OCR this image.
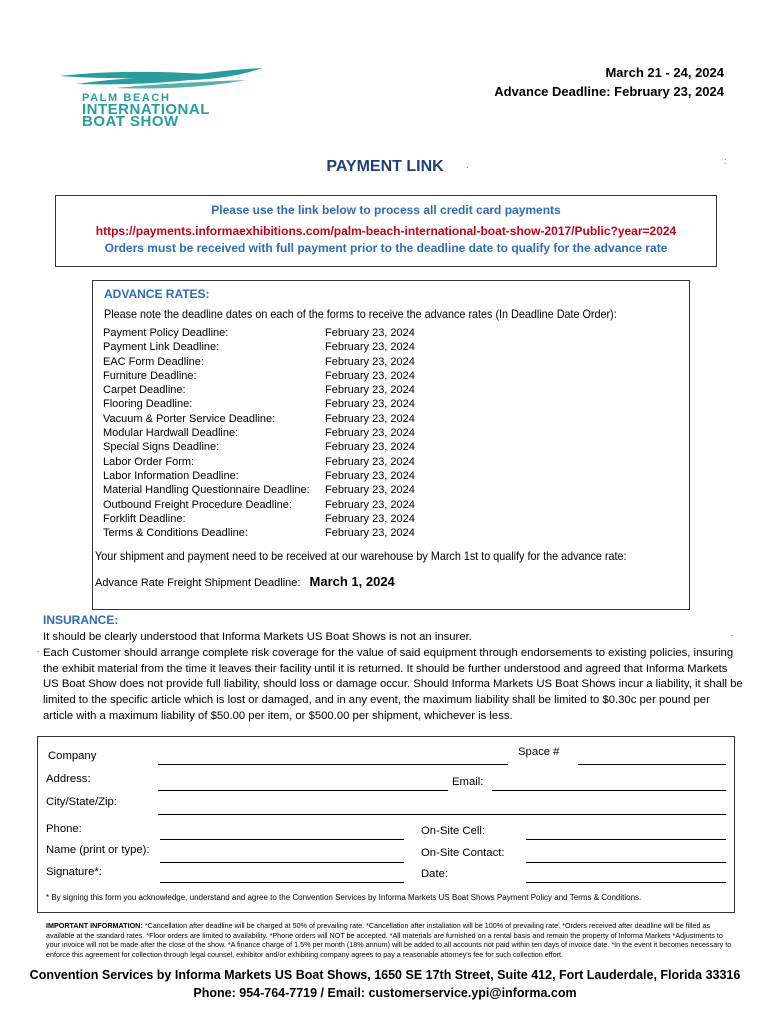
March 21 - 24, 2024
Advance Deadline: February 23, 2024
PALM BEACH
INTERNATIONAL
BOAT SHOW
PAYMENT LINK	.	:
Please use the link below to process all credit card payments
https://payments.informaexhibitions.com/palm-beach-international-boat-show-2017/Public?year=2024
Orders must be received with full payment prior to the deadline date to qualify for the advance rate
ADVANCE RATES:
Please note the deadline dates on each of the forms to receive the advance rates (In Deadline Date Order):
Payment Policy Deadline:	February 23, 2024
Payment Link Deadline:	February 23, 2024
EAC Form Deadline:	February 23, 2024
Furniture Deadline:	February 23, 2024
Carpet Deadline:	February 23, 2024
Flooring Deadline:	February 23, 2024
Vacuum & Porter Service Deadline:	February 23, 2024
Modular Hardwall Deadline:	February 23, 2024
Special Signs Deadline:	February 23, 2024
Labor Order Form:	February 23, 2024
Labor Information Deadline:	February 23, 2024
Material Handling Questionnaire Deadline:	February 23, 2024
Outbound Freight Procedure Deadline:	February 23, 2024
Forklift Deadline:	February 23, 2024
Terms & Conditions Deadline:	February 23, 2024
Your shipment and payment need to be received at our warehouse by March 1st to qualify for the advance rate:
Advance Rate Freight Shipment Deadline: March 1, 2024
INSURANCE:
It should be clearly understood that Informa Markets US Boat Shows is not an insurer.
Each Customer should arrange complete risk coverage for the value of said equipment through endorsements to existing policies, insuring the exhibit material from the time it leaves their facility until it is returned. It should be further understood and agreed that Informa Markets US Boat Show does not provide full liability, should loss or damage occur. Should Informa Markets US Boat Shows incur a liability, it shall be limited to the specific article which is lost or damaged, and in any event, the maximum liability shall be limited to $0.30c per pound per article with a maximum liability of $50.00 per item, or $500.00 per shipment, whichever is less.
.
.
Company	Space #
Address:	Email:
City/State/Zip:
Phone:	On-Site Cell:
Name (print or type):	On-Site Contact:
Signature*:	Date:
* By signing this form you acknowledge, understand and agree to the Convention Services by Informa Markets US Boat Shows Payment Policy and Terms & Conditions.
IMPORTANT INFORMATION: *Cancellation after deadline will be charged at 50% of prevailing rate. *Cancellation after installation will be 100% of prevailing rate. *Orders received after deadline will be filled as available at the standard rates. *Floor orders are limited to availability. *Phone orders will NOT be accepted. *All materials are furnished on a rental basis and remain the property of Informa Markets *Adjustments to your invoice will not be made after the close of the show. *A finance charge of 1.5% per month (18% annum) will be added to all accounts not paid within ten days of invoice date. *In the event it becomes necessary to enforce this agreement for collection through legal counsel, exhibitor and/or exhibiting company agrees to pay a reasonable attorney's fee for such collection effort.
Convention Services by Informa Markets US Boat Shows, 1650 SE 17th Street, Suite 412, Fort Lauderdale, Florida 33316
Phone: 954-764-7719 / Email: customerservice.ypi@informa.com
